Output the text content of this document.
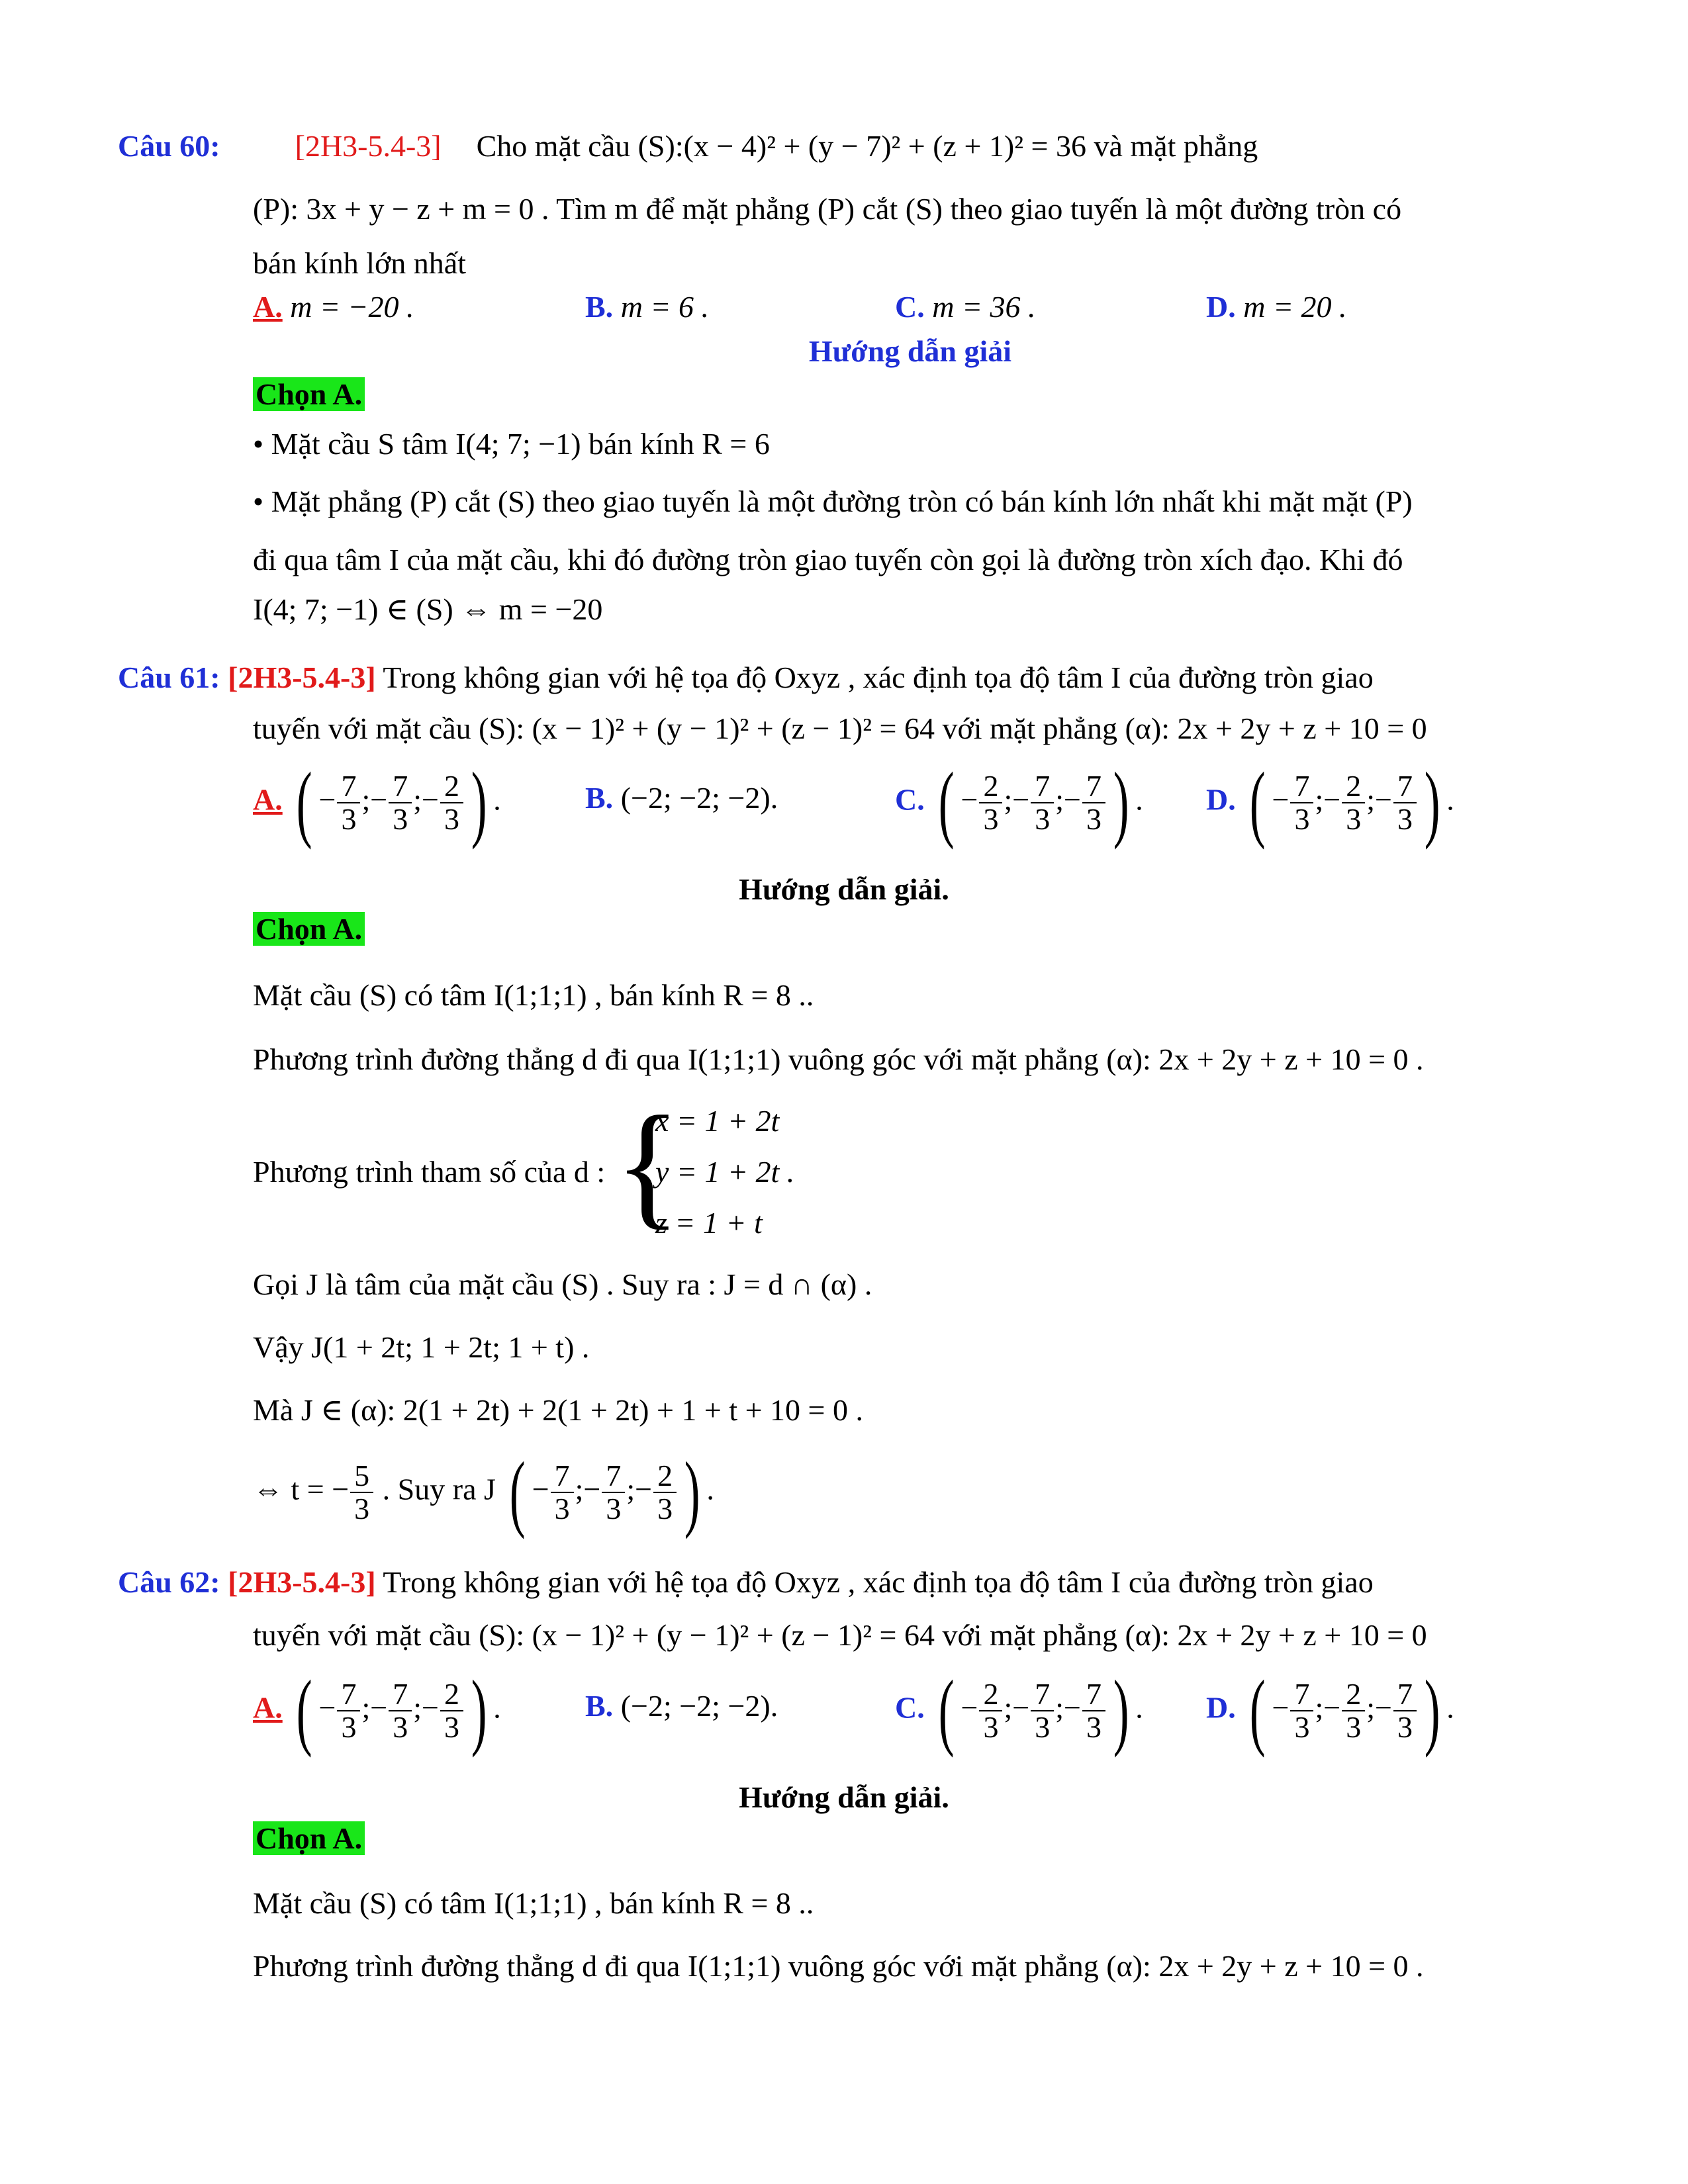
Câu 60: [2H3-5.4-3] Cho mặt cầu (S):(x − 4)² + (y − 7)² + (z + 1)² = 36 và mặt phẳng
(P): 3x + y − z + m = 0 . Tìm m để mặt phẳng (P) cắt (S) theo giao tuyến là một đường tròn có
bán kính lớn nhất
A. m = −20 .	B. m = 6 .	C. m = 36 .	D. m = 20 .
Hướng dẫn giải
Chọn A.
• Mặt cầu S tâm I(4; 7; −1) bán kính R = 6
• Mặt phẳng (P) cắt (S) theo giao tuyến là một đường tròn có bán kính lớn nhất khi mặt mặt (P)
đi qua tâm I của mặt cầu, khi đó đường tròn giao tuyến còn gọi là đường tròn xích đạo. Khi đó
I(4; 7; −1) ∈ (S) ⇔ m = −20
Câu 61: [2H3-5.4-3] Trong không gian với hệ tọa độ Oxyz , xác định tọa độ tâm I của đường tròn giao
tuyến với mặt cầu (S): (x − 1)² + (y − 1)² + (z − 1)² = 64 với mặt phẳng (α): 2x + 2y + z + 10 = 0
A. ( − $\frac{7}{3}$ ;− $\frac{7}{3}$ ;− $\frac{2}{3}$ ) .	B. (−2; −2; −2).	C. ( − $\frac{2}{3}$ ;− $\frac{7}{3}$ ;− $\frac{7}{3}$ ) . D. ( − $\frac{7}{3}$ ;− $\frac{2}{3}$ ;− $\frac{7}{3}$ ) .
Hướng dẫn giải.
Chọn A.
Mặt cầu (S) có tâm I(1;1;1) , bán kính R = 8 ..
Phương trình đường thẳng d đi qua I(1;1;1) vuông góc với mặt phẳng (α): 2x + 2y + z + 10 = 0 .
Phương trình tham số của d : {
x = 1 + 2t
y = 1 + 2t .
z = 1 + t
Gọi J là tâm của mặt cầu (S) . Suy ra : J = d ∩ (α) .
Vậy J(1 + 2t; 1 + 2t; 1 + t) .
Mà J ∈ (α): 2(1 + 2t) + 2(1 + 2t) + 1 + t + 10 = 0 .
⇔ t = − $\frac{5}{3}$ . Suy ra J ( − $\frac{7}{3}$ ;− $\frac{7}{3}$ ;− $\frac{2}{3}$ ) .
Câu 62: [2H3-5.4-3] Trong không gian với hệ tọa độ Oxyz , xác định tọa độ tâm I của đường tròn giao
tuyến với mặt cầu (S): (x − 1)² + (y − 1)² + (z − 1)² = 64 với mặt phẳng (α): 2x + 2y + z + 10 = 0
A. ( − $\frac{7}{3}$ ;− $\frac{7}{3}$ ;− $\frac{2}{3}$ ) .	B. (−2; −2; −2).	C. ( − $\frac{2}{3}$ ;− $\frac{7}{3}$ ;− $\frac{7}{3}$ ) . D. ( − $\frac{7}{3}$ ;− $\frac{2}{3}$ ;− $\frac{7}{3}$ ) .
Hướng dẫn giải.
Chọn A.
Mặt cầu (S) có tâm I(1;1;1) , bán kính R = 8 ..
Phương trình đường thẳng d đi qua I(1;1;1) vuông góc với mặt phẳng (α): 2x + 2y + z + 10 = 0 .
